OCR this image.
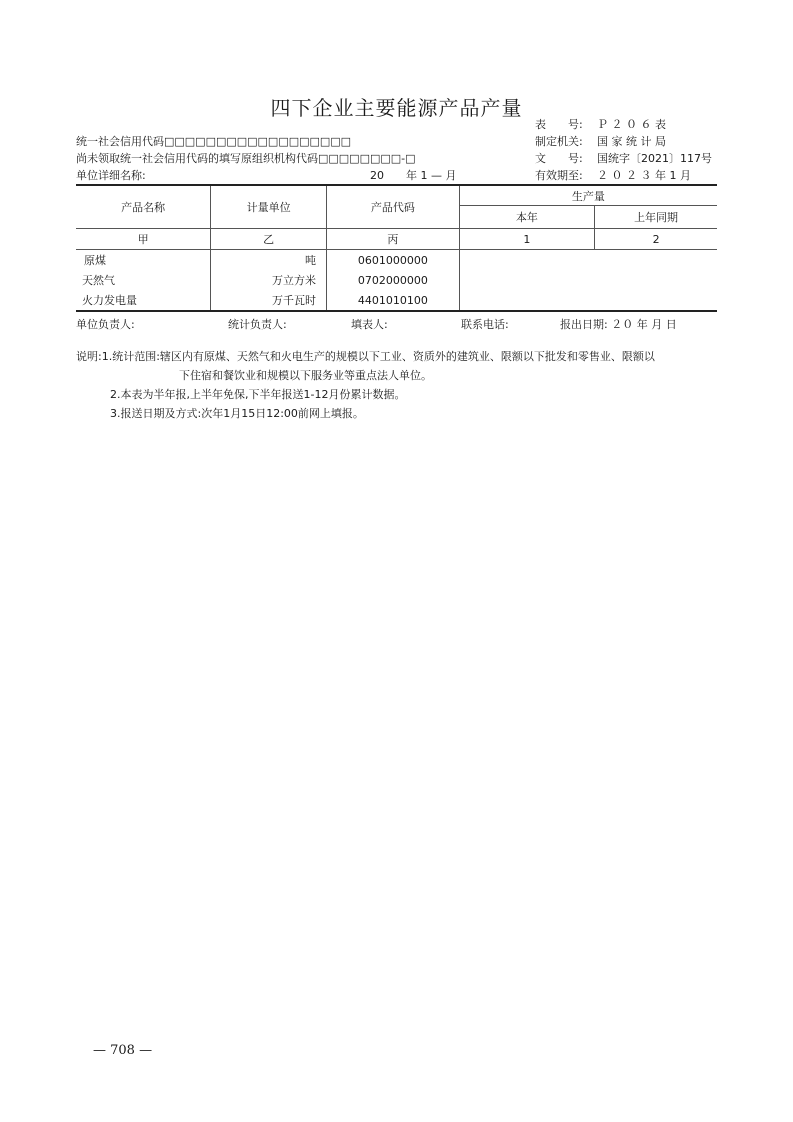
四下企业主要能源产品产量
统一社会信用代码□□□□□□□□□□□□□□□□□□
尚未领取统一社会信用代码的填写原组织机构代码□□□□□□□□-□
单位详细名称:	20　　年 1 — 月
表　　号: Ｐ ２ ０ ６ 表
制定机关: 国 家 统 计 局
文　　号: 国统字〔2021〕117号
有效期至: ２ ０ ２ ３ 年 1 月
产品名称	计量单位	产品代码	生产量	
			本年	上年同期
甲	乙	丙	1	2
原煤	吨	0601000000		
天然气	万立方米	0702000000		
火力发电量	万千瓦时	4401010100		
单位负责人:	统计负责人:	填表人:	联系电话:	报出日期: ２０ 年 月 日

说明:1.统计范围:辖区内有原煤、天然气和火电生产的规模以下工业、资质外的建筑业、限额以下批发和零售业、限额以

下住宿和餐饮业和规模以下服务业等重点法人单位。

2.本表为半年报,上半年免保,下半年报送1-12月份累计数据。

3.报送日期及方式:次年1月15日12:00前网上填报。

— 708 —
